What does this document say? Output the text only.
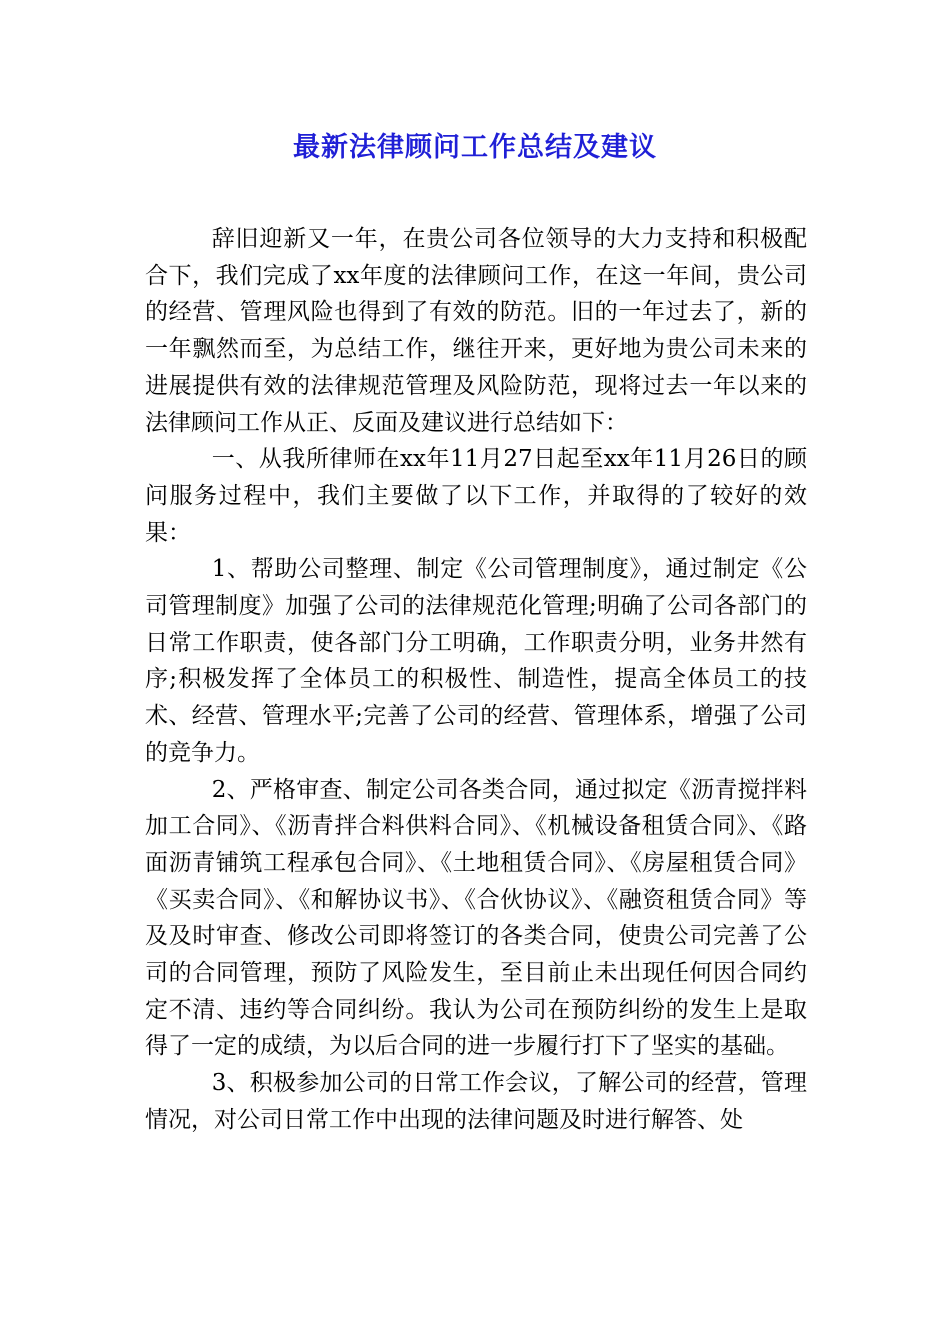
最新法律顾问工作总结及建议

辞旧迎新又一年，在贵公司各位领导的大力支持和积极配合下，我们完成了xx年度的法律顾问工作，在这一年间，贵公司的经营、管理风险也得到了有效的防范。旧的一年过去了，新的一年飘然而至，为总结工作，继往开来，更好地为贵公司未来的进展提供有效的法律规范管理及风险防范，现将过去一年以来的法律顾问工作从正、反面及建议进行总结如下：

一、从我所律师在xx年11月27日起至xx年11月26日的顾问服务过程中，我们主要做了以下工作，并取得的了较好的效果：

1、帮助公司整理、制定《公司管理制度》，通过制定《公司管理制度》加强了公司的法律规范化管理;明确了公司各部门的日常工作职责，使各部门分工明确，工作职责分明，业务井然有序;积极发挥了全体员工的积极性、制造性，提高全体员工的技术、经营、管理水平;完善了公司的经营、管理体系，增强了公司的竞争力。

2、严格审查、制定公司各类合同，通过拟定《沥青搅拌料加工合同》、《沥青拌合料供料合同》、《机械设备租赁合同》、《路面沥青铺筑工程承包合同》、《土地租赁合同》、《房屋租赁合同》《买卖合同》、《和解协议书》、《合伙协议》、《融资租赁合同》等及及时审查、修改公司即将签订的各类合同，使贵公司完善了公司的合同管理，预防了风险发生，至目前止未出现任何因合同约定不清、违约等合同纠纷。我认为公司在预防纠纷的发生上是取得了一定的成绩，为以后合同的进一步履行打下了坚实的基础。

3、积极参加公司的日常工作会议，了解公司的经营，管理情况，对公司日常工作中出现的法律问题及时进行解答、处
